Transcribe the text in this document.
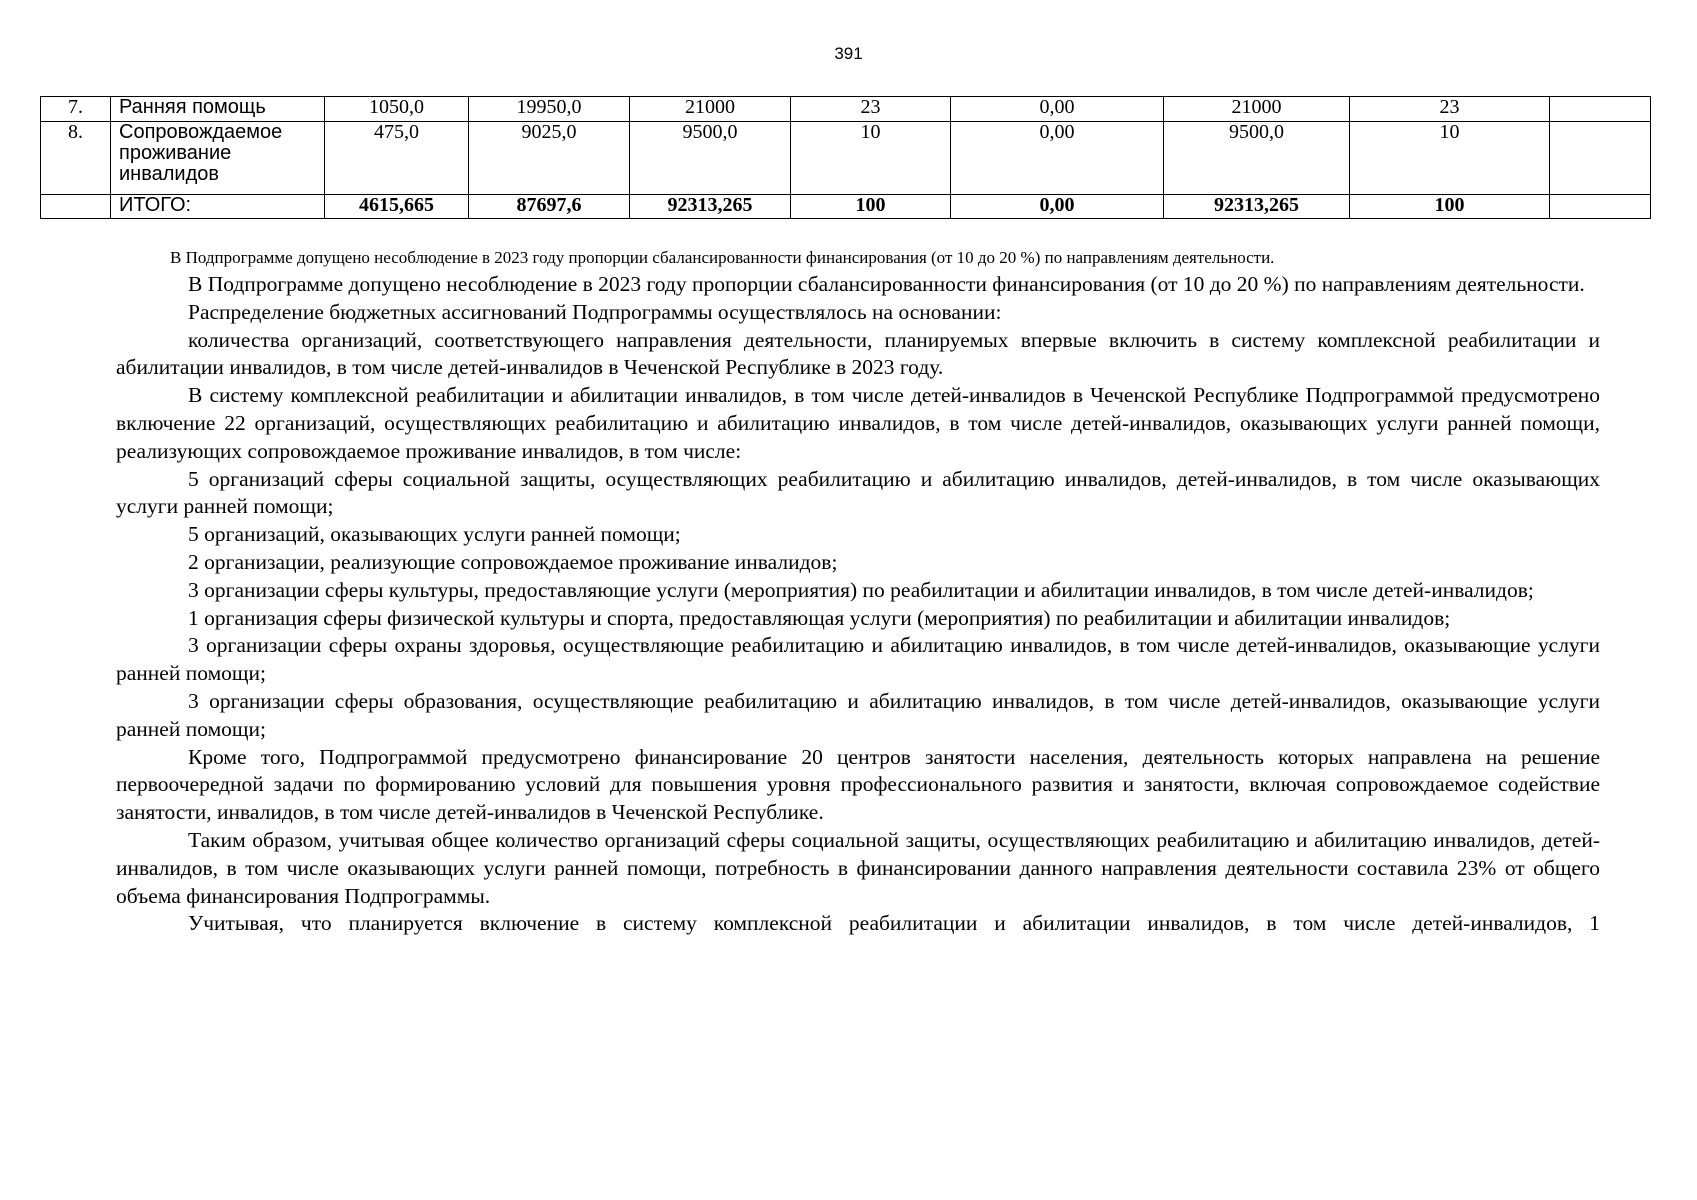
391
7.	Ранняя помощь	1050,0	19950,0	21000	23	0,00	21000	23	
8.	Сопровождаемое проживание инвалидов	475,0	9025,0	9500,0	10	0,00	9500,0	10	
	ИТОГО:	4615,665	87697,6	92313,265	100	0,00	92313,265	100	
В Подпрограмме допущено несоблюдение в 2023 году пропорции сбалансированности финансирования (от 10 до 20 %) по направлениям деятельности.

В Подпрограмме допущено несоблюдение в 2023 году пропорции сбалансированности финансирования (от 10 до 20 %) по направлениям деятельности.

Распределение бюджетных ассигнований Подпрограммы осуществлялось на основании:

количества организаций, соответствующего направления деятельности, планируемых впервые включить в систему комплексной реабилитации и абилитации инвалидов, в том числе детей-инвалидов в Чеченской Республике в 2023 году.

В систему комплексной реабилитации и абилитации инвалидов, в том числе детей-инвалидов в Чеченской Республике Подпрограммой предусмотрено включение 22 организаций, осуществляющих реабилитацию и абилитацию инвалидов, в том числе детей-инвалидов, оказывающих услуги ранней помощи, реализующих сопровождаемое проживание инвалидов, в том числе:

5 организаций сферы социальной защиты, осуществляющих реабилитацию и абилитацию инвалидов, детей-инвалидов, в том числе оказывающих услуги ранней помощи;

5 организаций, оказывающих услуги ранней помощи;

2 организации, реализующие сопровождаемое проживание инвалидов;

3 организации сферы культуры, предоставляющие услуги (мероприятия) по реабилитации и абилитации инвалидов, в том числе детей-инвалидов;

1 организация сферы физической культуры и спорта, предоставляющая услуги (мероприятия) по реабилитации и абилитации инвалидов;

3 организации сферы охраны здоровья, осуществляющие реабилитацию и абилитацию инвалидов, в том числе детей-инвалидов, оказывающие услуги ранней помощи;

3 организации сферы образования, осуществляющие реабилитацию и абилитацию инвалидов, в том числе детей-инвалидов, оказывающие услуги ранней помощи;

Кроме того, Подпрограммой предусмотрено финансирование 20 центров занятости населения, деятельность которых направлена на решение первоочередной задачи по формированию условий для повышения уровня профессионального развития и занятости, включая сопровождаемое содействие занятости, инвалидов, в том числе детей-инвалидов в Чеченской Республике.

Таким образом, учитывая общее количество организаций сферы социальной защиты, осуществляющих реабилитацию и абилитацию инвалидов, детей-инвалидов, в том числе оказывающих услуги ранней помощи, потребность в финансировании данного направления деятельности составила 23% от общего объема финансирования Подпрограммы.

Учитывая, что планируется включение в систему комплексной реабилитации и абилитации инвалидов, в том числе детей-инвалидов, 1
